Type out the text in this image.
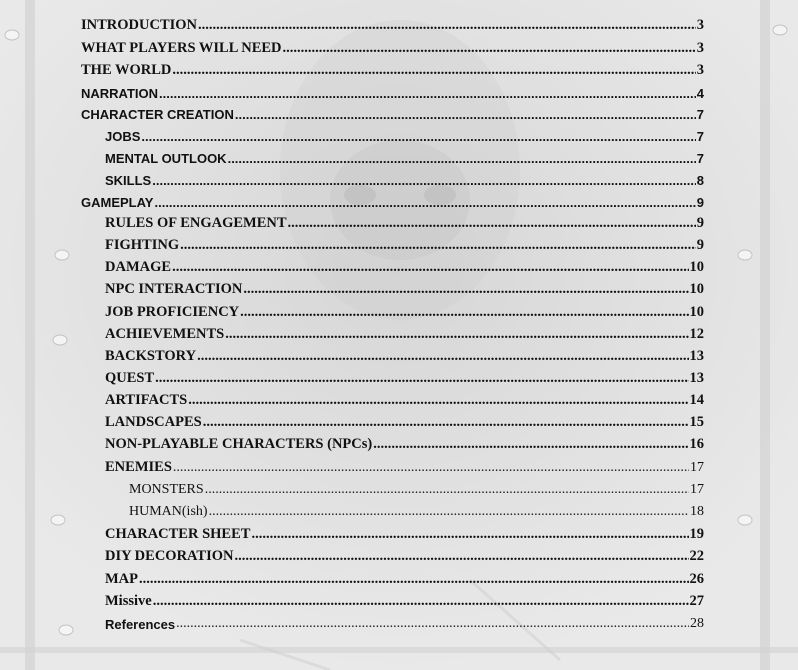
INTRODUCTION .....	3
WHAT PLAYERS WILL NEED .....	3
THE WORLD .....	3
NARRATION .....	4
CHARACTER CREATION .....	7
JOBS .....	7
MENTAL OUTLOOK .....	7
SKILLS .....	8
GAMEPLAY .....	9
RULES OF ENGAGEMENT .....	9
FIGHTING .....	9
DAMAGE .....	10
NPC INTERACTION .....	10
JOB PROFICIENCY .....	10
ACHIEVEMENTS .....	12
BACKSTORY .....	13
QUEST .....	13
ARTIFACTS .....	14
LANDSCAPES .....	15
NON-PLAYABLE CHARACTERS (NPCs) .....	16
ENEMIES .....	17
MONSTERS .....	17
HUMAN(ish) .....	18
CHARACTER SHEET .....	19
DIY DECORATION .....	22
MAP .....	26
Missive .....	27
References .....	28
